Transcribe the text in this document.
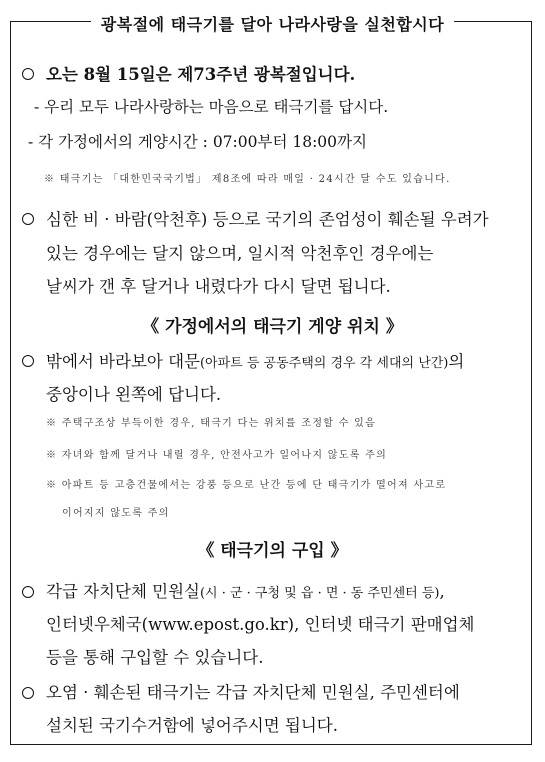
광복절에 태극기를 달아 나라사랑을 실천합시다
오는 8월 15일은 제73주년 광복절입니다.
- 우리 모두 나라사랑하는 마음으로 태극기를 답시다.
- 각 가정에서의 게양시간 : 07:00부터 18:00까지
※ 태극기는 「대한민국국기법」 제8조에 따라 매일 · 24시간 달 수도 있습니다.
심한 비 · 바람(악천후) 등으로 국기의 존엄성이 훼손될 우려가
있는 경우에는 달지 않으며, 일시적 악천후인 경우에는
날씨가 갠 후 달거나 내렸다가 다시 달면 됩니다.
《 가정에서의 태극기 게양 위치 》
밖에서 바라보아 대문(아파트 등 공동주택의 경우 각 세대의 난간)의
중앙이나 왼쪽에 답니다.
※ 주택구조상 부득이한 경우, 태극기 다는 위치를 조정할 수 있음
※ 자녀와 함께 달거나 내릴 경우, 안전사고가 일어나지 않도록 주의
※ 아파트 등 고층건물에서는 강풍 등으로 난간 등에 단 태극기가 떨어져 사고로
이어지지 않도록 주의
《 태극기의 구입 》
각급 자치단체 민원실(시 · 군 · 구청 및 읍 · 면 · 동 주민센터 등),
인터넷우체국(www.epost.go.kr), 인터넷 태극기 판매업체
등을 통해 구입할 수 있습니다.
오염 · 훼손된 태극기는 각급 자치단체 민원실, 주민센터에
설치된 국기수거함에 넣어주시면 됩니다.
